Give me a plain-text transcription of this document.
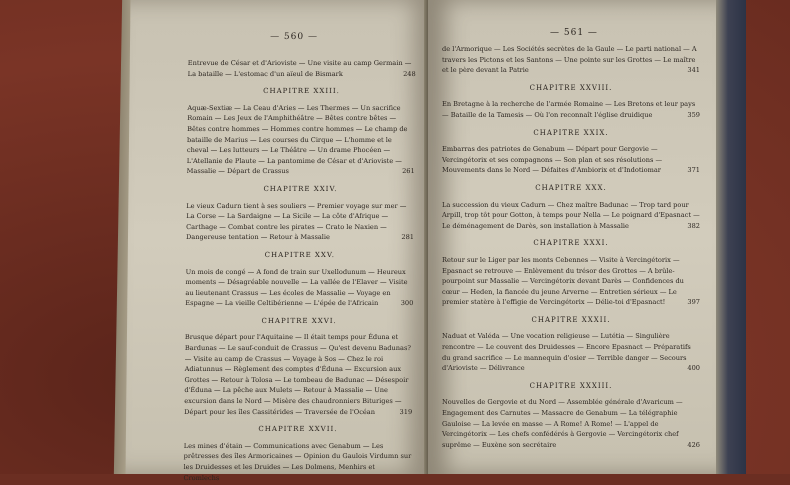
— 560 —
Entrevue de César et d'Arioviste — Une visite au camp Germain — La bataille — L'estomac d'un aïeul de Bismark	248
CHAPITRE XXIII.
Aquæ-Sextiæ — La Ceau d'Aries — Les Thermes — Un sacrifice Romain — Les Jeux de l'Amphithéâtre — Bêtes contre bêtes — Bêtes contre hommes — Hommes contre hommes — Le champ de bataille de Marius — Les courses du Cirque — L'homme et le cheval — Les lutteurs — Le Théâtre — Un drame Phocéen — L'Atellanie de Plaute — La pantomime de César et d'Arioviste — Massalie — Départ de Crassus	261
CHAPITRE XXIV.
Le vieux Cadurn tient à ses souliers — Premier voyage sur mer — La Corse — La Sardaigne — La Sicile — La côte d'Afrique — Carthage — Combat contre les pirates — Crato le Naxien — Dangereuse tentation — Retour à Massalie	281
CHAPITRE XXV.
Un mois de congé — A fond de train sur Uxellodunum — Heureux moments — Désagréable nouvelle — La vallée de l'Elaver — Visite au lieutenant Crassus — Les écoles de Massalie — Voyage en Espagne — La vieille Celtibérienne — L'épée de l'Africain	300
CHAPITRE XXVI.
Brusque départ pour l'Aquitaine — Il était temps pour Éduna et Bardunas — Le sauf-conduit de Crassus — Qu'est devenu Badunas? — Visite au camp de Crassus — Voyage à Sos — Chez le roi Adiatunnus — Règlement des comptes d'Éduna — Excursion aux Grottes — Retour à Tolosa — Le tombeau de Badunac — Désespoir d'Éduna — La pêche aux Mulets — Retour à Massalie — Une excursion dans le Nord — Misère des chaudronniers Bituriges — Départ pour les îles Cassitérides — Traversée de l'Océan	319
CHAPITRE XXVII.
Les mines d'étain — Communications avec Genabum — Les prêtresses des îles Armoricaines — Opinion du Gaulois Virdumn sur les Druidesses et les Druides — Les Dolmens, Menhirs et Cromlechs
— 561 —
de l'Armorique — Les Sociétés secrètes de la Gaule — Le parti national — A travers les Pictons et les Santons — Une pointe sur les Grottes — Le maître et le père devant la Patrie	341
CHAPITRE XXVIII.
En Bretagne à la recherche de l'armée Romaine — Les Bretons et leur pays — Bataille de la Tamesis — Où l'on reconnaît l'église druidique	359
CHAPITRE XXIX.
Embarras des patriotes de Genabum — Départ pour Gergovie — Vercingétorix et ses compagnons — Son plan et ses résolutions — Mouvements dans le Nord — Défaites d'Ambiorix et d'Indotiomar	371
CHAPITRE XXX.
La succession du vieux Cadurn — Chez maître Badunac — Trop tard pour Arpill, trop tôt pour Gotton, à temps pour Nella — Le poignard d'Epasnact — Le déménagement de Darès, son installation à Massalie	382
CHAPITRE XXXI.
Retour sur le Liger par les monts Cebennes — Visite à Vercingétorix — Epasnact se retrouve — Enlèvement du trésor des Grottes — A brûle-pourpoint sur Massalie — Vercingétorix devant Darès — Confidences du cœur — Heden, la fiancée du jeune Arverne — Entretien sérieux — Le premier statère à l'effigie de Vercingétorix — Délie-toi d'Epasnact!	397
CHAPITRE XXXII.
Naduat et Valéda — Une vocation religieuse — Lutétia — Singulière rencontre — Le couvent des Druidesses — Encore Epasnact — Préparatifs du grand sacrifice — Le mannequin d'osier — Terrible danger — Secours d'Arioviste — Délivrance	400
CHAPITRE XXXIII.
Nouvelles de Gergovie et du Nord — Assemblée générale d'Avaricum — Engagement des Carnutes — Massacre de Genabum — La télégraphie Gauloise — La levée en masse — A Rome! A Rome! — L'appel de Vercingétorix — Les chefs confédérés à Gergovie — Vercingétorix chef suprême — Euxène son secrétaire	426
